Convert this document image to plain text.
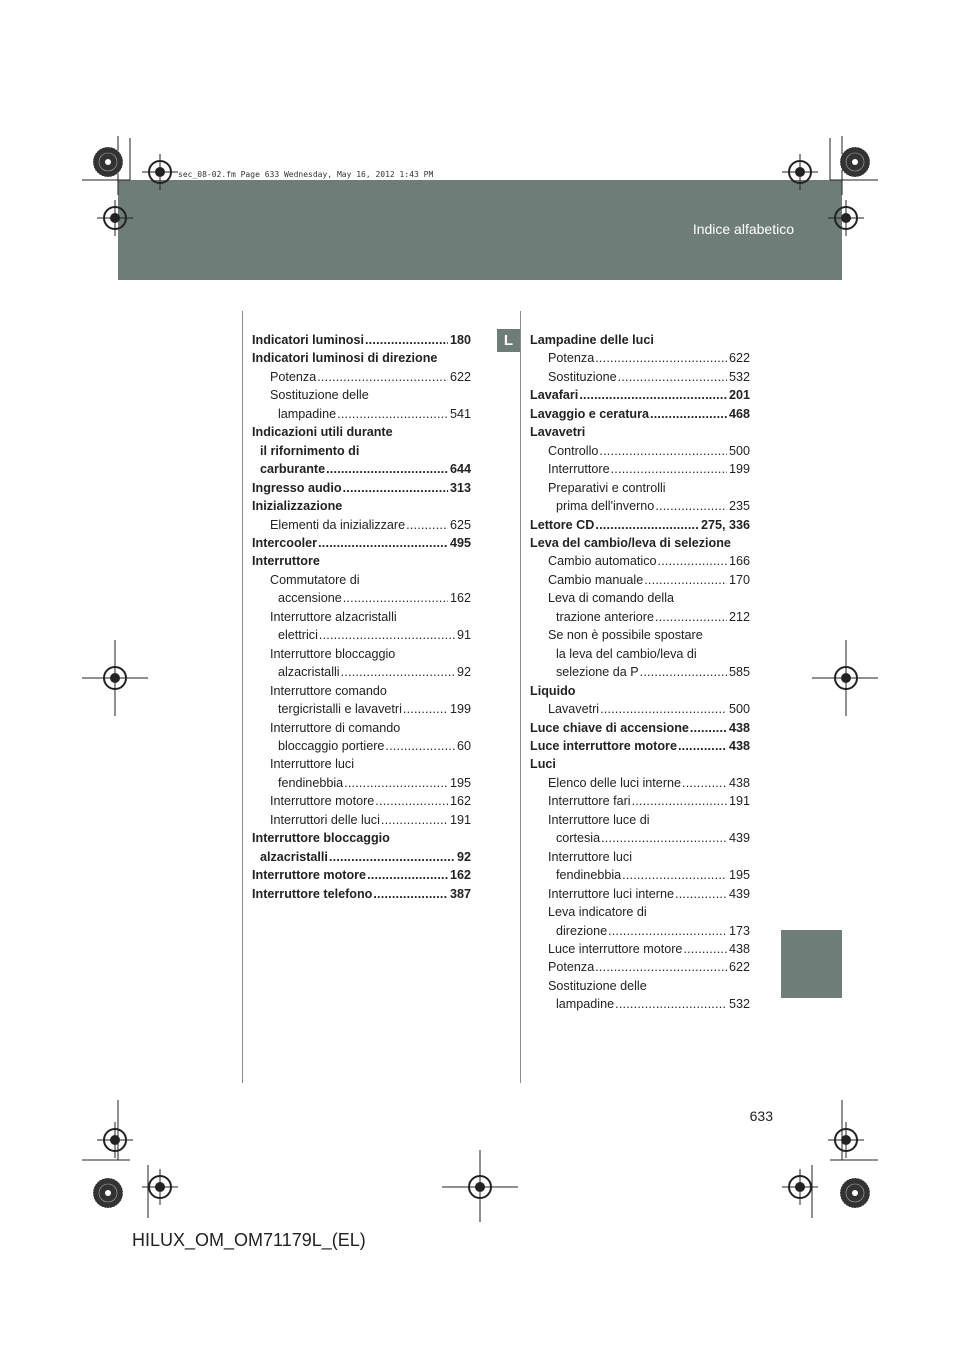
Indice alfabetico
sec_08-02.fm Page 633 Wednesday, May 16, 2012 1:43 PM
L
Indicatori luminosi .....	180
Indicatori luminosi di direzione
Potenza .....	622
Sostituzione delle
lampadine .....	541
Indicazioni utili durante
il rifornimento di
carburante .....	644
Ingresso audio .....	313
Inizializzazione
Elementi da inizializzare .....	625
Intercooler .....	495
Interruttore
Commutatore di
accensione .....	162
Interruttore alzacristalli
elettrici .....	91
Interruttore bloccaggio
alzacristalli .....	92
Interruttore comando
tergicristalli e lavavetri .....	199
Interruttore di comando
bloccaggio portiere .....	60
Interruttore luci
fendinebbia .....	195
Interruttore motore .....	162
Interruttori delle luci .....	191
Interruttore bloccaggio
alzacristalli .....	92
Interruttore motore .....	162
Interruttore telefono .....	387
Lampadine delle luci
Potenza .....	622
Sostituzione .....	532
Lavafari .....	201
Lavaggio e ceratura .....	468
Lavavetri
Controllo .....	500
Interruttore .....	199
Preparativi e controlli
prima dell'inverno .....	235
Lettore CD .....	275, 336
Leva del cambio/leva di selezione
Cambio automatico .....	166
Cambio manuale .....	170
Leva di comando della
trazione anteriore .....	212
Se non è possibile spostare
la leva del cambio/leva di
selezione da P .....	585
Liquido
Lavavetri .....	500
Luce chiave di accensione .....	438
Luce interruttore motore .....	438
Luci
Elenco delle luci interne .....	438
Interruttore fari .....	191
Interruttore luce di
cortesia .....	439
Interruttore luci
fendinebbia .....	195
Interruttore luci interne .....	439
Leva indicatore di
direzione .....	173
Luce interruttore motore .....	438
Potenza .....	622
Sostituzione delle
lampadine .....	532
633
HILUX_OM_OM71179L_(EL)
